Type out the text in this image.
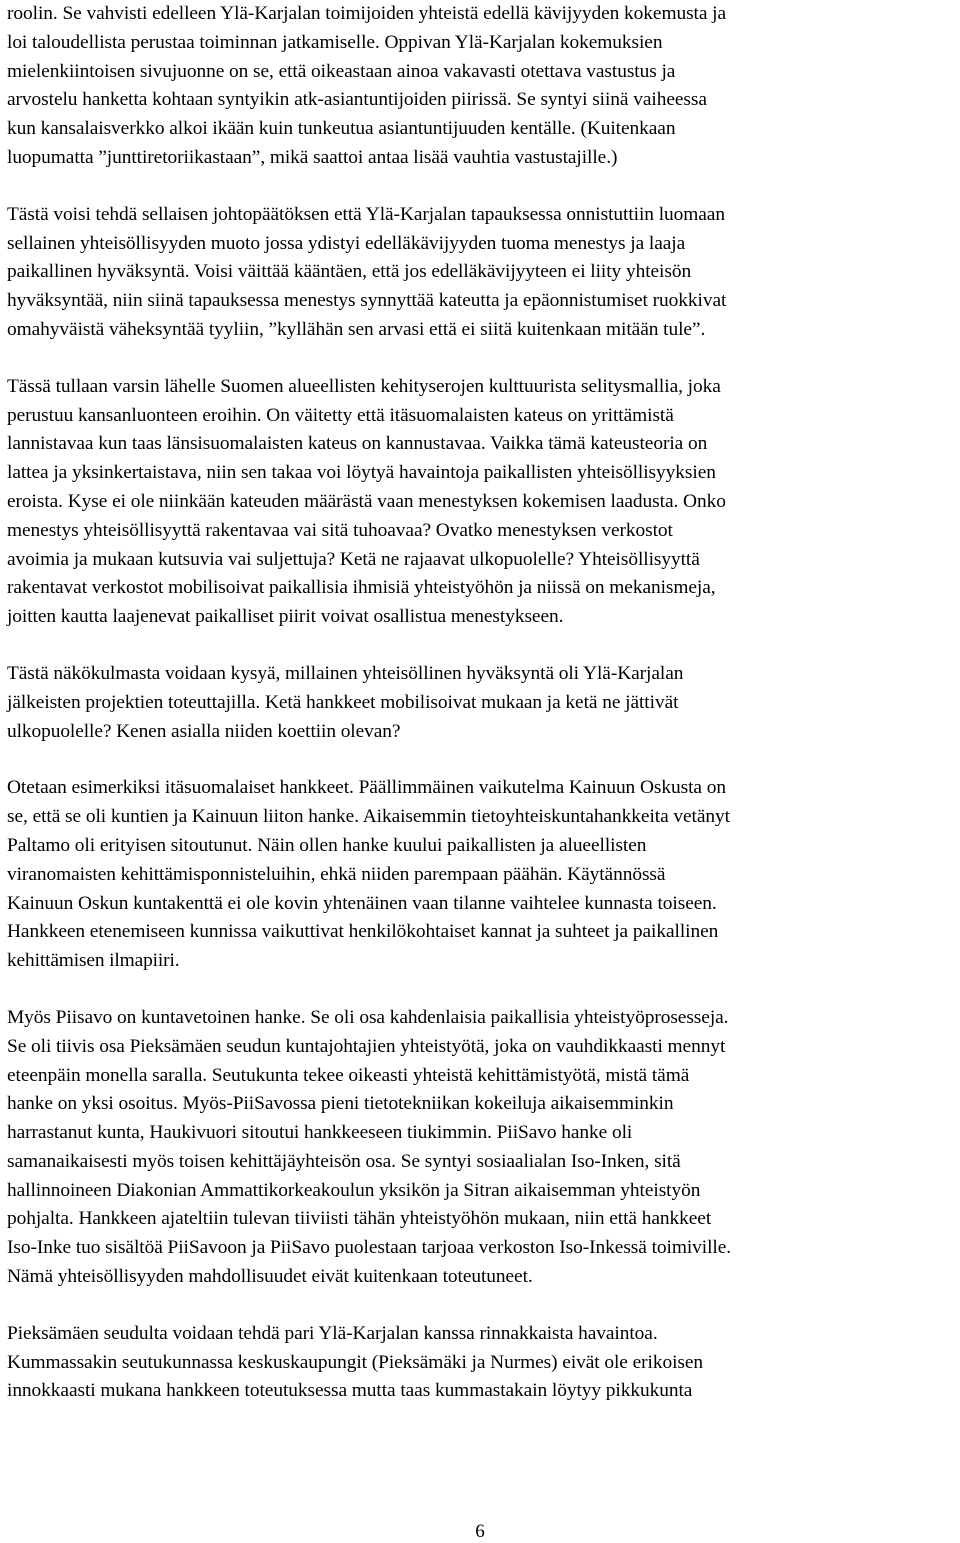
roolin. Se vahvisti edelleen Ylä-Karjalan toimijoiden yhteistä edellä kävijyyden kokemusta ja
loi taloudellista perustaa toiminnan jatkamiselle. Oppivan Ylä-Karjalan kokemuksien
mielenkiintoisen sivujuonne on se, että oikeastaan ainoa vakavasti otettava vastustus ja
arvostelu hanketta kohtaan syntyikin atk-asiantuntijoiden piirissä. Se syntyi siinä vaiheessa
kun kansalaisverkko alkoi ikään kuin tunkeutua asiantuntijuuden kentälle. (Kuitenkaan
luopumatta ”junttiretoriikastaan”, mikä saattoi antaa lisää vauhtia vastustajille.)

Tästä voisi tehdä sellaisen johtopäätöksen että Ylä-Karjalan tapauksessa onnistuttiin luomaan
sellainen yhteisöllisyyden muoto jossa ydistyi edelläkävijyyden tuoma menestys ja laaja
paikallinen hyväksyntä. Voisi väittää kääntäen, että jos edelläkävijyyteen ei liity yhteisön
hyväksyntää, niin siinä tapauksessa menestys synnyttää kateutta ja epäonnistumiset ruokkivat
omahyväistä väheksyntää tyyliin, ”kyllähän sen arvasi että ei siitä kuitenkaan mitään tule”.

Tässä tullaan varsin lähelle Suomen alueellisten kehityserojen kulttuurista selitysmallia, joka
perustuu kansanluonteen eroihin. On väitetty että itäsuomalaisten kateus on yrittämistä
lannistavaa kun taas länsisuomalaisten kateus on kannustavaa. Vaikka tämä kateusteoria on
lattea ja yksinkertaistava, niin sen takaa voi löytyä havaintoja paikallisten yhteisöllisyyksien
eroista. Kyse ei ole niinkään kateuden määrästä vaan menestyksen kokemisen laadusta. Onko
menestys yhteisöllisyyttä rakentavaa vai sitä tuhoavaa? Ovatko menestyksen verkostot
avoimia ja mukaan kutsuvia vai suljettuja? Ketä ne rajaavat ulkopuolelle? Yhteisöllisyyttä
rakentavat verkostot mobilisoivat paikallisia ihmisiä yhteistyöhön ja niissä on mekanismeja,
joitten kautta laajenevat paikalliset piirit voivat osallistua menestykseen.

Tästä näkökulmasta voidaan kysyä, millainen yhteisöllinen hyväksyntä oli Ylä-Karjalan
jälkeisten projektien toteuttajilla. Ketä hankkeet mobilisoivat mukaan ja ketä ne jättivät
ulkopuolelle? Kenen asialla niiden koettiin olevan?

Otetaan esimerkiksi itäsuomalaiset hankkeet. Päällimmäinen vaikutelma Kainuun Oskusta on
se, että se oli kuntien ja Kainuun liiton hanke. Aikaisemmin tietoyhteiskuntahankkeita vetänyt
Paltamo oli erityisen sitoutunut. Näin ollen hanke kuului paikallisten ja alueellisten
viranomaisten kehittämisponnisteluihin, ehkä niiden parempaan päähän. Käytännössä
Kainuun Oskun kuntakenttä ei ole kovin yhtenäinen vaan tilanne vaihtelee kunnasta toiseen.
Hankkeen etenemiseen kunnissa vaikuttivat henkilökohtaiset kannat ja suhteet ja paikallinen
kehittämisen ilmapiiri.

Myös Piisavo on kuntavetoinen hanke. Se oli osa kahdenlaisia paikallisia yhteistyöprosesseja.
Se oli tiivis osa Pieksämäen seudun kuntajohtajien yhteistyötä, joka on vauhdikkaasti mennyt
eteenpäin monella saralla. Seutukunta tekee oikeasti yhteistä kehittämistyötä, mistä tämä
hanke on yksi osoitus. Myös-PiiSavossa pieni tietotekniikan kokeiluja aikaisemminkin
harrastanut kunta, Haukivuori sitoutui hankkeeseen tiukimmin. PiiSavo hanke oli
samanaikaisesti myös toisen kehittäjäyhteisön osa. Se syntyi sosiaalialan Iso-Inken, sitä
hallinnoineen Diakonian Ammattikorkeakoulun yksikön ja Sitran aikaisemman yhteistyön
pohjalta. Hankkeen ajateltiin tulevan tiiviisti tähän yhteistyöhön mukaan, niin että hankkeet
Iso-Inke tuo sisältöä PiiSavoon ja PiiSavo puolestaan tarjoaa verkoston Iso-Inkessä toimiville.
Nämä yhteisöllisyyden mahdollisuudet eivät kuitenkaan toteutuneet.

Pieksämäen seudulta voidaan tehdä pari Ylä-Karjalan kanssa rinnakkaista havaintoa.
Kummassakin seutukunnassa keskuskaupungit (Pieksämäki ja Nurmes) eivät ole erikoisen
innokkaasti mukana hankkeen toteutuksessa mutta taas kummastakain löytyy pikkukunta

6
